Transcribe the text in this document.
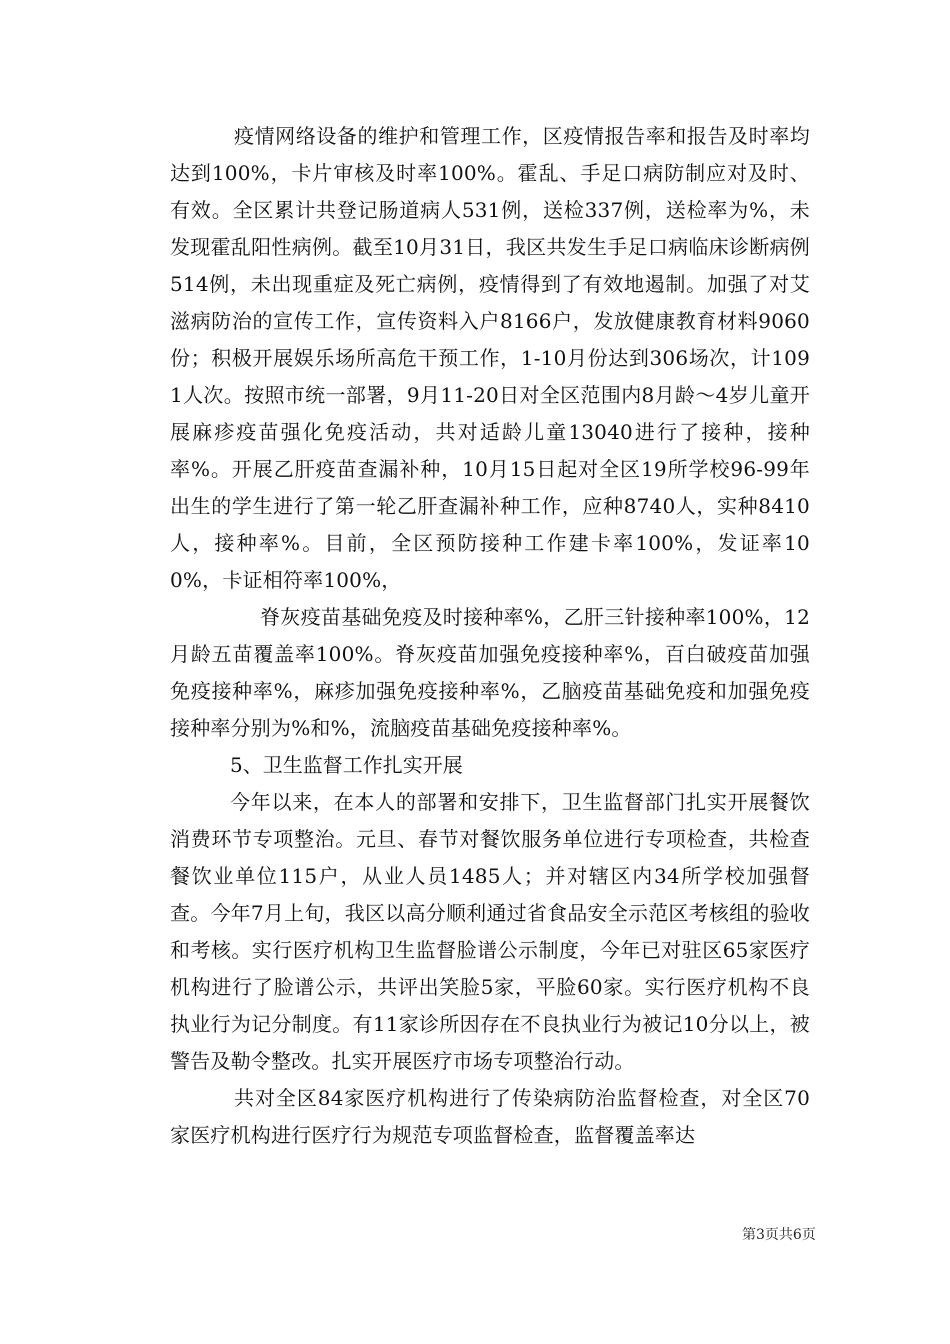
疫情网络设备的维护和管理工作，区疫情报告率和报告及时率均达到100%，卡片审核及时率100%。霍乱、手足口病防制应对及时、有效。全区累计共登记肠道病人531例，送检337例，送检率为%，未发现霍乱阳性病例。截至10月31日，我区共发生手足口病临床诊断病例514例，未出现重症及死亡病例，疫情得到了有效地遏制。加强了对艾滋病防治的宣传工作，宣传资料入户8166户，发放健康教育材料9060份；积极开展娱乐场所高危干预工作，1-10月份达到306场次，计1091人次。按照市统一部署，9月11-20日对全区范围内8月龄～4岁儿童开展麻疹疫苗强化免疫活动，共对适龄儿童13040进行了接种，接种率%。开展乙肝疫苗查漏补种，10月15日起对全区19所学校96-99年出生的学生进行了第一轮乙肝查漏补种工作，应种8740人，实种8410人，接种率%。目前，全区预防接种工作建卡率100%，发证率100%，卡证相符率100%，

脊灰疫苗基础免疫及时接种率%，乙肝三针接种率100%，12月龄五苗覆盖率100%。脊灰疫苗加强免疫接种率%，百白破疫苗加强免疫接种率%，麻疹加强免疫接种率%，乙脑疫苗基础免疫和加强免疫接种率分别为%和%，流脑疫苗基础免疫接种率%。

5、卫生监督工作扎实开展

今年以来，在本人的部署和安排下，卫生监督部门扎实开展餐饮消费环节专项整治。元旦、春节对餐饮服务单位进行专项检查，共检查餐饮业单位115户，从业人员1485人；并对辖区内34所学校加强督查。今年7月上旬，我区以高分顺利通过省食品安全示范区考核组的验收和考核。实行医疗机构卫生监督脸谱公示制度，今年已对驻区65家医疗机构进行了脸谱公示，共评出笑脸5家，平脸60家。实行医疗机构不良执业行为记分制度。有11家诊所因存在不良执业行为被记10分以上，被警告及勒令整改。扎实开展医疗市场专项整治行动。

共对全区84家医疗机构进行了传染病防治监督检查，对全区70家医疗机构进行医疗行为规范专项监督检查，监督覆盖率达

第3页共6页
